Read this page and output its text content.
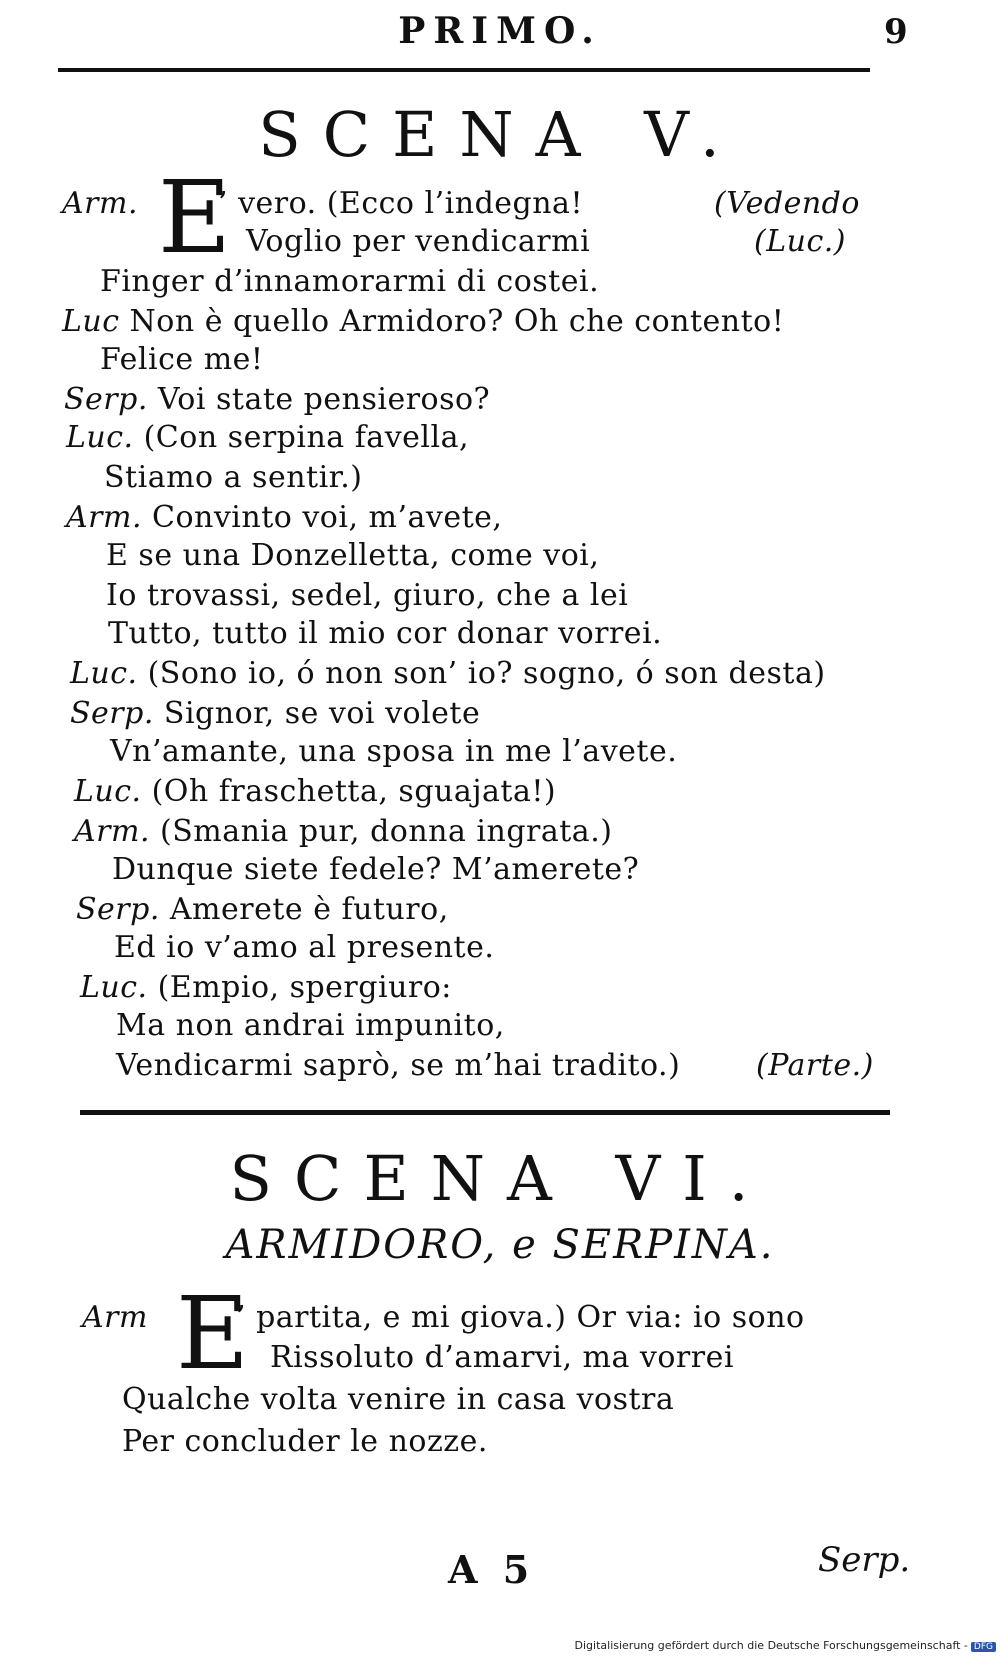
PRIMO.	9
SCENA V.
Arm. E
’ vero. (Ecco l’indegna!	(Vedendo
Voglio per vendicarmi	(Luc.)
Finger d’innamorarmi di costei.
Luc Non è quello Armidoro? Oh che contento!
Felice me!
Serp. Voi state pensieroso?
Luc. (Con serpina favella,
Stiamo a sentir.)
Arm. Convinto voi, m’avete,
E se una Donzelletta, come voi,
Io trovassi, sedel, giuro, che a lei
Tutto, tutto il mio cor donar vorrei.
Luc. (Sono io, ó non son’ io? sogno, ó son desta)
Serp. Signor, se voi volete
Vn’amante, una sposa in me l’avete.
Luc. (Oh fraschetta, sguajata!)
Arm. (Smania pur, donna ingrata.)
Dunque siete fedele? M’amerete?
Serp. Amerete è futuro,
Ed io v’amo al presente.
Luc. (Empio, spergiuro:
Ma non andrai impunito,
Vendicarmi saprò, se m’hai tradito.)	(Parte.)
SCENA VI.
ARMIDORO, e SERPINA.
Arm E
’ partita, e mi giova.) Or via: io sono
Rissoluto d’amarvi, ma vorrei
Qualche volta venire in casa vostra
Per concluder le nozze.
A 5	Serp.
Digitalisierung gefördert durch die Deutsche Forschungsgemeinschaft - DFG
